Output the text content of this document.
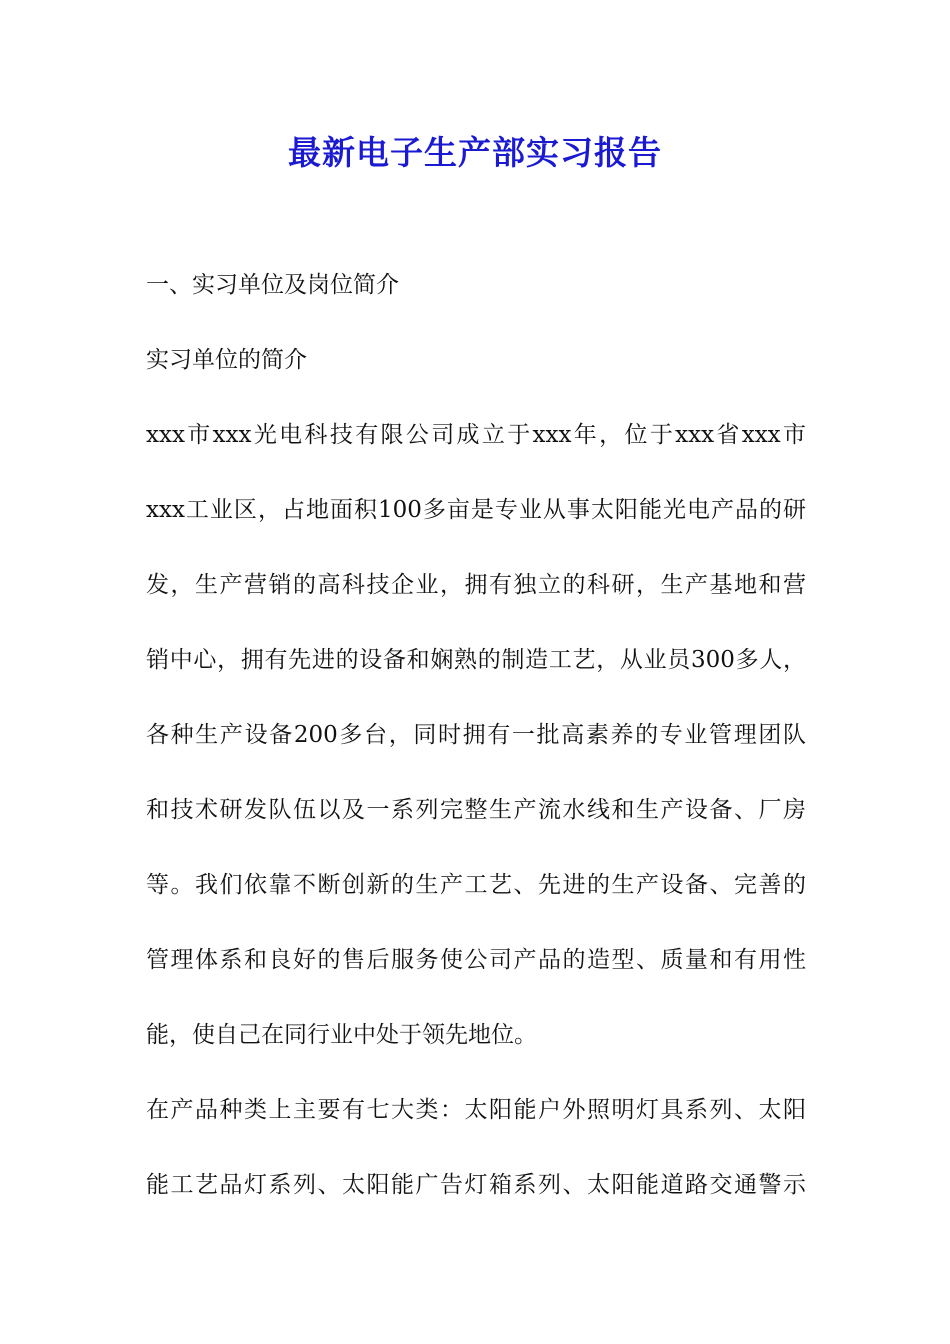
最新电子生产部实习报告
一、实习单位及岗位简介
实习单位的简介
xxx市xxx光电科技有限公司成立于xxx年，位于xxx省xxx市
xxx工业区，占地面积100多亩是专业从事太阳能光电产品的研
发，生产营销的高科技企业，拥有独立的科研，生产基地和营
销中心，拥有先进的设备和娴熟的制造工艺，从业员300多人，
各种生产设备200多台，同时拥有一批高素养的专业管理团队
和技术研发队伍以及一系列完整生产流水线和生产设备、厂房
等。我们依靠不断创新的生产工艺、先进的生产设备、完善的
管理体系和良好的售后服务使公司产品的造型、质量和有用性
能，使自己在同行业中处于领先地位。
在产品种类上主要有七大类：太阳能户外照明灯具系列、太阳
能工艺品灯系列、太阳能广告灯箱系列、太阳能道路交通警示
